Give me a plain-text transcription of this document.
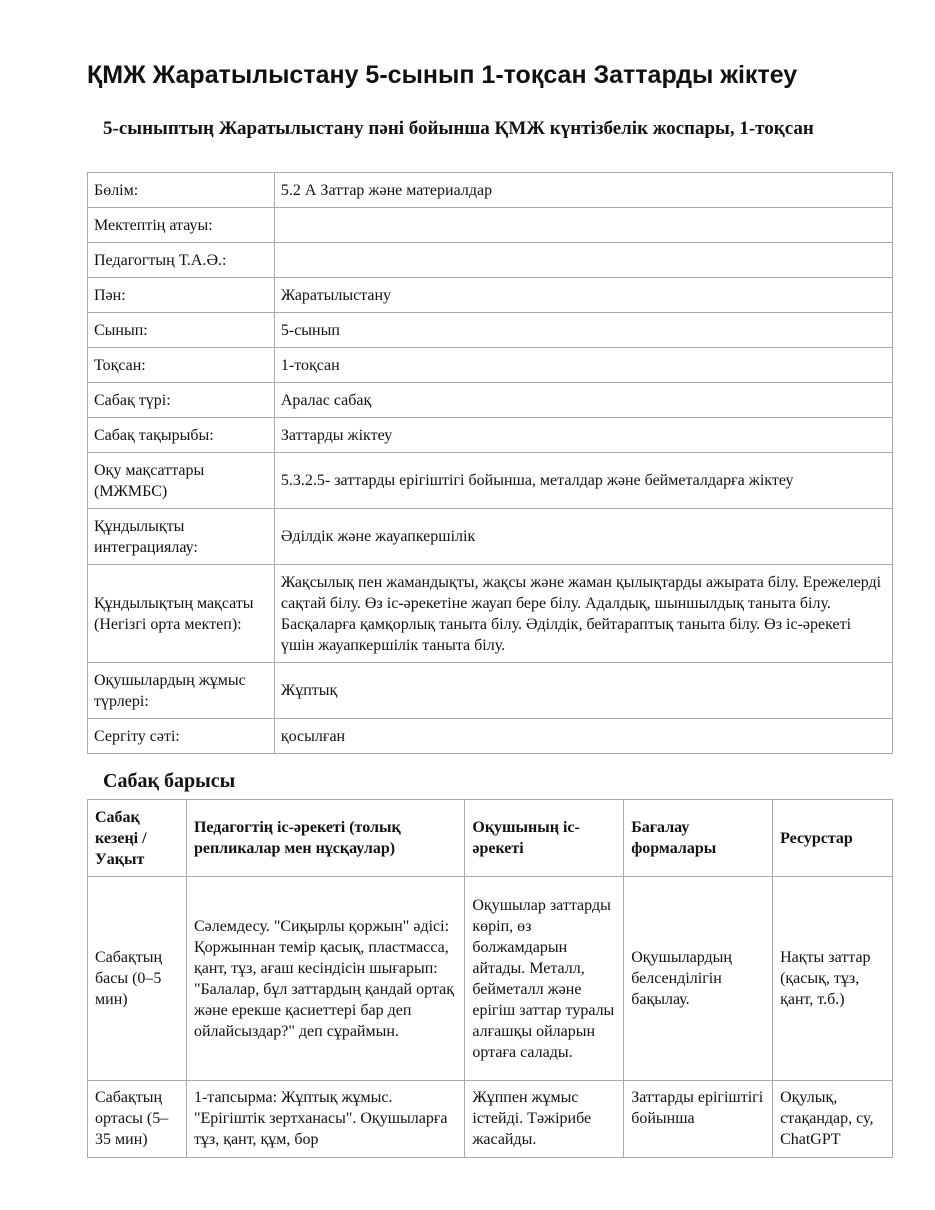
ҚМЖ Жаратылыстану 5-сынып 1-тоқсан Заттарды жіктеу
5-сыныптың Жаратылыстану пәні бойынша ҚМЖ күнтізбелік жоспары, 1-тоқсан
Бөлім:	5.2 А Заттар және материалдар
Мектептің атауы:	
Педагогтың Т.А.Ә.:	
Пән:	Жаратылыстану
Сынып:	5-сынып
Тоқсан:	1-тоқсан
Сабақ түрі:	Аралас сабақ
Сабақ тақырыбы:	Заттарды жіктеу
Оқу мақсаттары (МЖМБС)	5.3.2.5- заттарды ерігіштігі бойынша, металдар және бейметалдарға жіктеу
Құндылықты интеграциялау:	Әділдік және жауапкершілік
Құндылықтың мақсаты (Негізгі орта мектеп):	Жақсылық пен жамандықты, жақсы және жаман қылықтарды ажырата білу. Ережелерді сақтай білу. Өз іс-әрекетіне жауап бере білу. Адалдық, шыншылдық таныта білу. Басқаларға қамқорлық таныта білу. Әділдік, бейтараптық таныта білу. Өз іс-әрекеті үшін жауапкершілік таныта білу.
Оқушылардың жұмыс түрлері:	Жұптық
Сергіту сәті:	қосылған
Сабақ барысы
Сабақ кезеңі / Уақыт	Педагогтің іс-әрекеті (толық репликалар мен нұсқаулар)	Оқушының іс-әрекеті	Бағалау формалары	Ресурстар
Сабақтың басы (0–5 мин)	Сәлемдесу. "Сиқырлы қоржын" әдісі: Қоржыннан темір қасық, пластмасса, қант, тұз, ағаш кесіндісін шығарып: "Балалар, бұл заттардың қандай ортақ және ерекше қасиеттері бар деп ойлайсыздар?" деп сұраймын.	Оқушылар заттарды көріп, өз болжамдарын айтады. Металл, бейметалл және ерігіш заттар туралы алғашқы ойларын ортаға салады.	Оқушылардың белсенділігін бақылау.	Нақты заттар (қасық, тұз, қант, т.б.)
Сабақтың ортасы (5–35 мин)	1-тапсырма: Жұптық жұмыс. "Ерігіштік зертханасы". Оқушыларға тұз, қант, құм, бор	Жұппен жұмыс істейді. Тәжірибе жасайды.	Заттарды ерігіштігі бойынша	Оқулық, стақандар, су, ChatGPT
